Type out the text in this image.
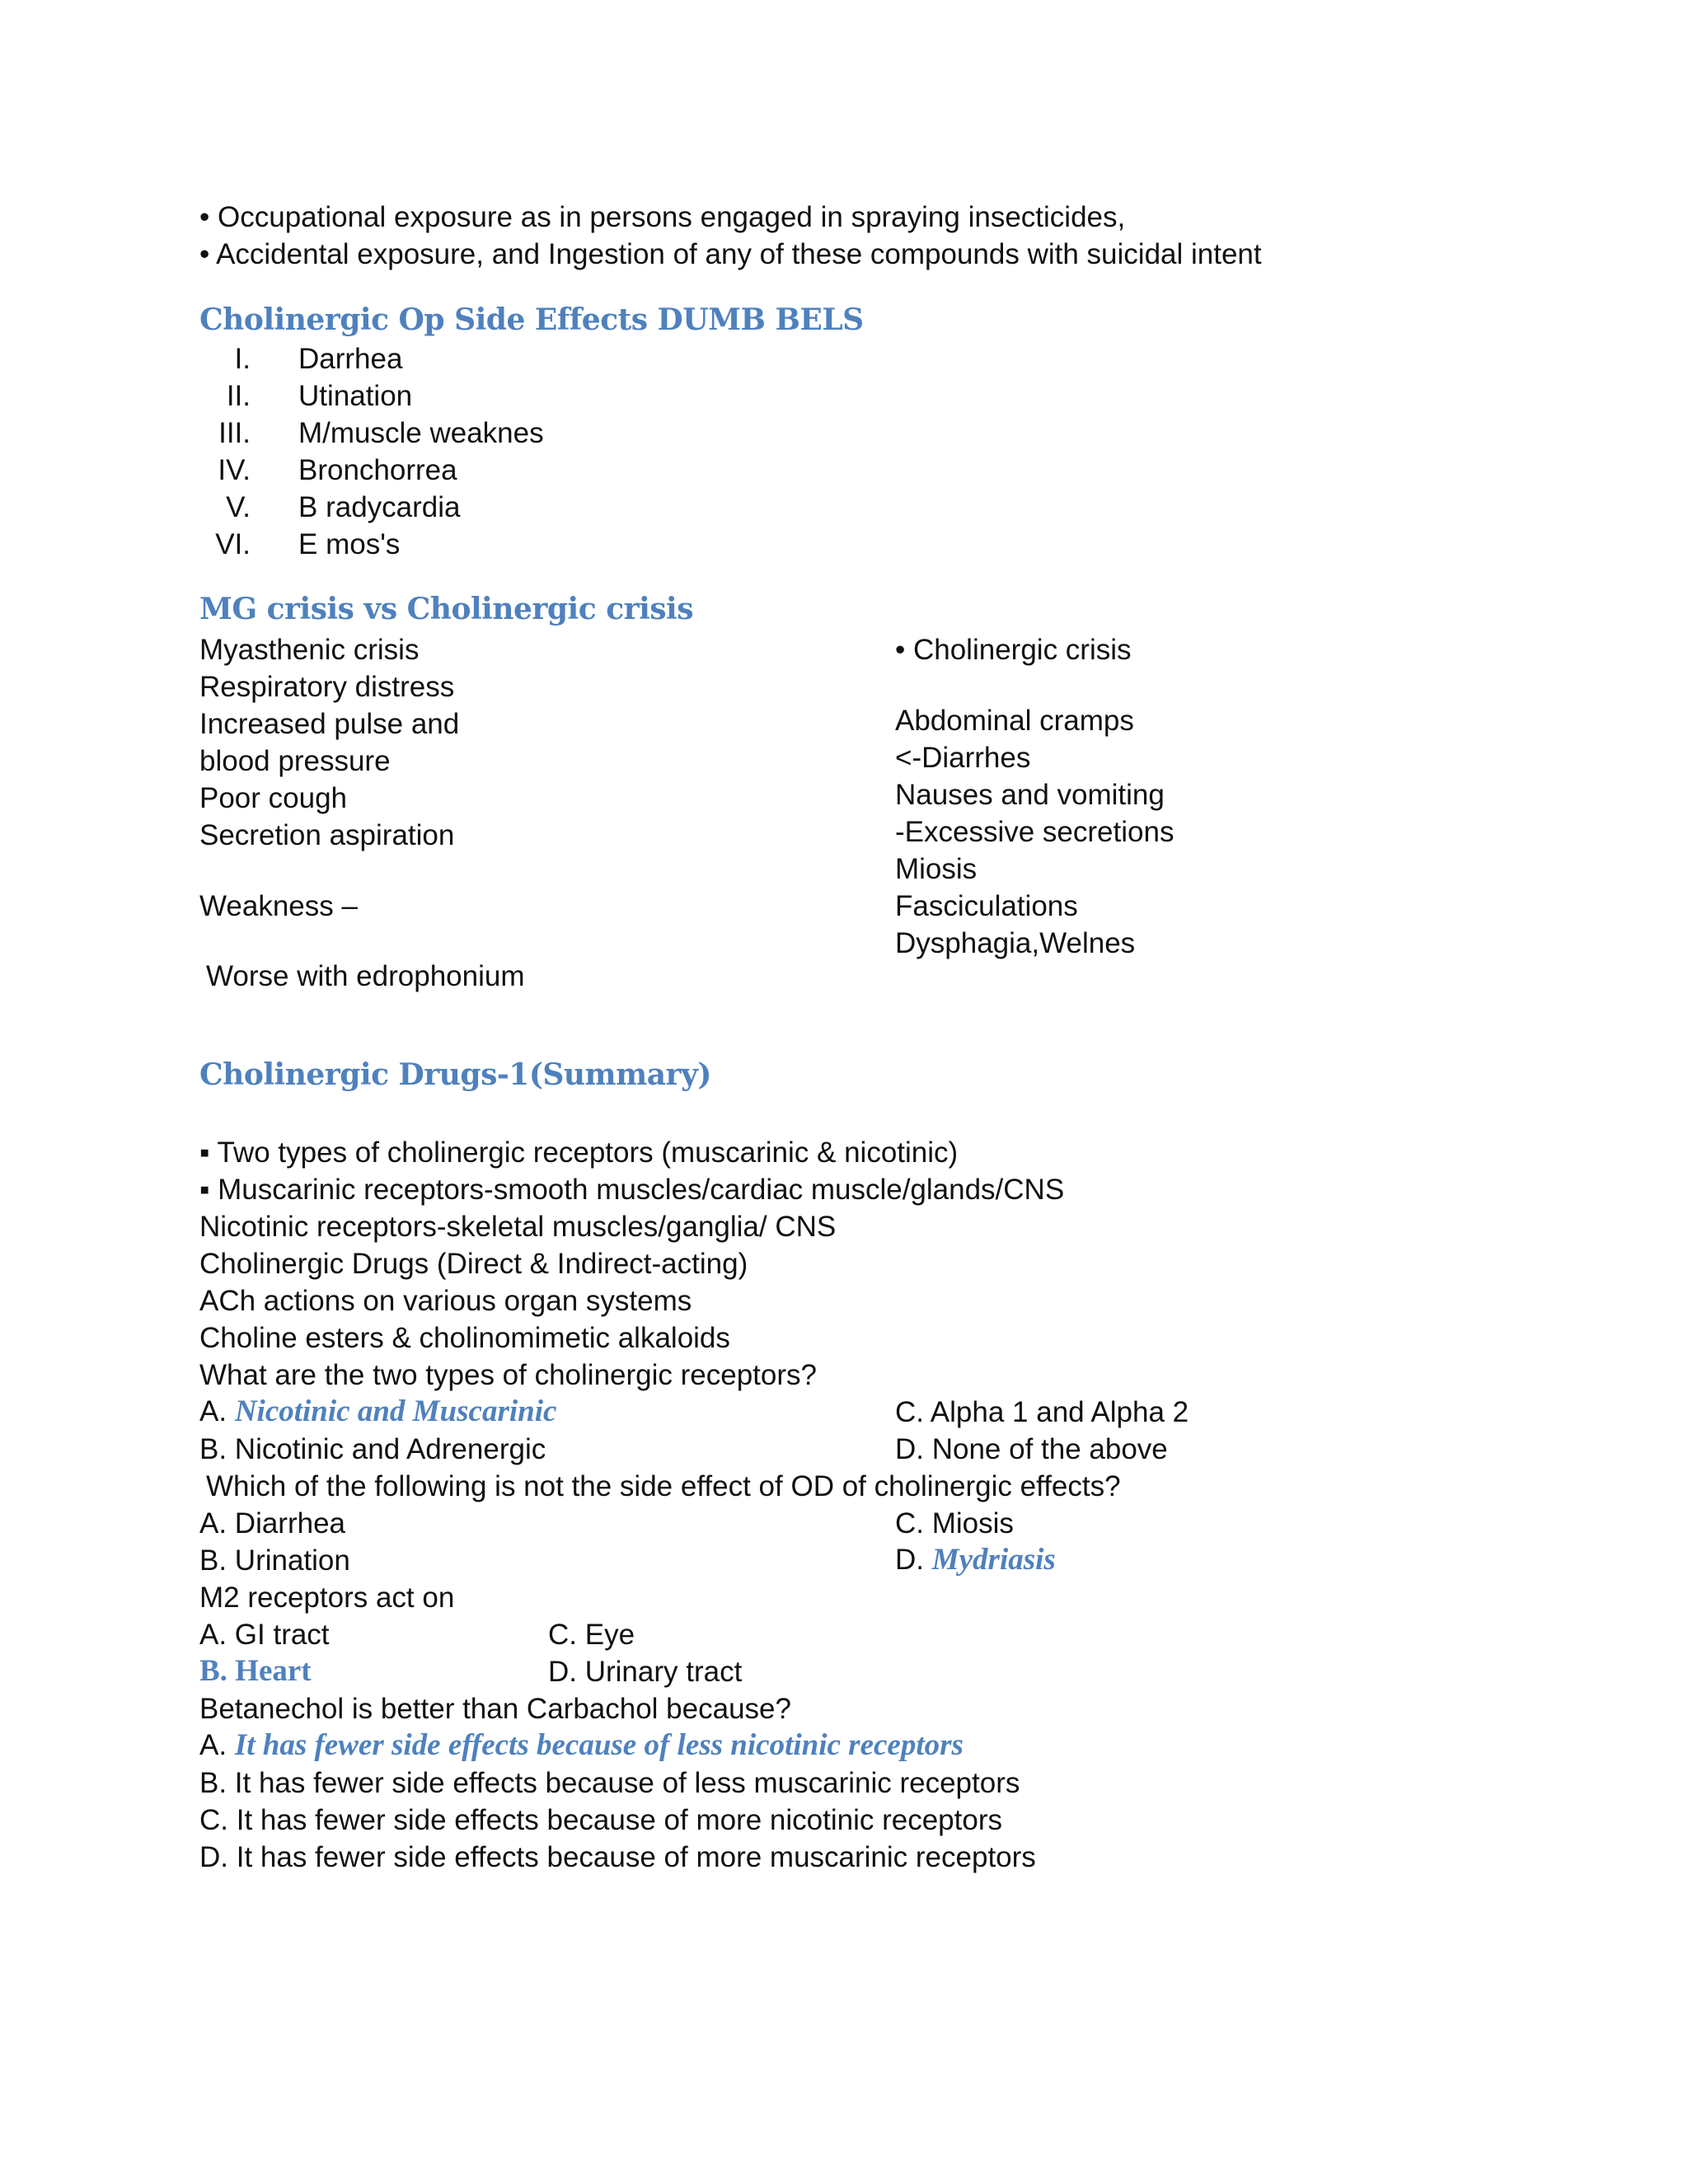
• Occupational exposure as in persons engaged in spraying insecticides,
• Accidental exposure, and Ingestion of any of these compounds with suicidal intent
Cholinergic Op Side Effects DUMB BELS
I. Darrhea
II. Utination
III. M/muscle weaknes
IV. Bronchorrea
V. B radycardia
VI. E mos's
MG crisis vs Cholinergic crisis
Myasthenic crisis
Respiratory distress
Increased pulse and
blood pressure
Poor cough
Secretion aspiration
Weakness –
Worse with edrophonium
• Cholinergic crisis
Abdominal cramps
<-Diarrhes
Nauses and vomiting
-Excessive secretions
Miosis
Fasciculations
Dysphagia,Welnes
Cholinergic Drugs-1(Summary)
▪ Two types of cholinergic receptors (muscarinic & nicotinic)
▪ Muscarinic receptors-smooth muscles/cardiac muscle/glands/CNS
Nicotinic receptors-skeletal muscles/ganglia/ CNS
Cholinergic Drugs (Direct & Indirect-acting)
ACh actions on various organ systems
Choline esters & cholinomimetic alkaloids
What are the two types of cholinergic receptors?
A. Nicotinic and Muscarinic	C. Alpha 1 and Alpha 2
B. Nicotinic and Adrenergic	D. None of the above
Which of the following is not the side effect of OD of cholinergic effects?
A. Diarrhea	C. Miosis
B. Urination	D. Mydriasis
M2 receptors act on
A. GI tract	C. Eye
B. Heart	D. Urinary tract
Betanechol is better than Carbachol because?
A. It has fewer side effects because of less nicotinic receptors
B. It has fewer side effects because of less muscarinic receptors
C. It has fewer side effects because of more nicotinic receptors
D. It has fewer side effects because of more muscarinic receptors
